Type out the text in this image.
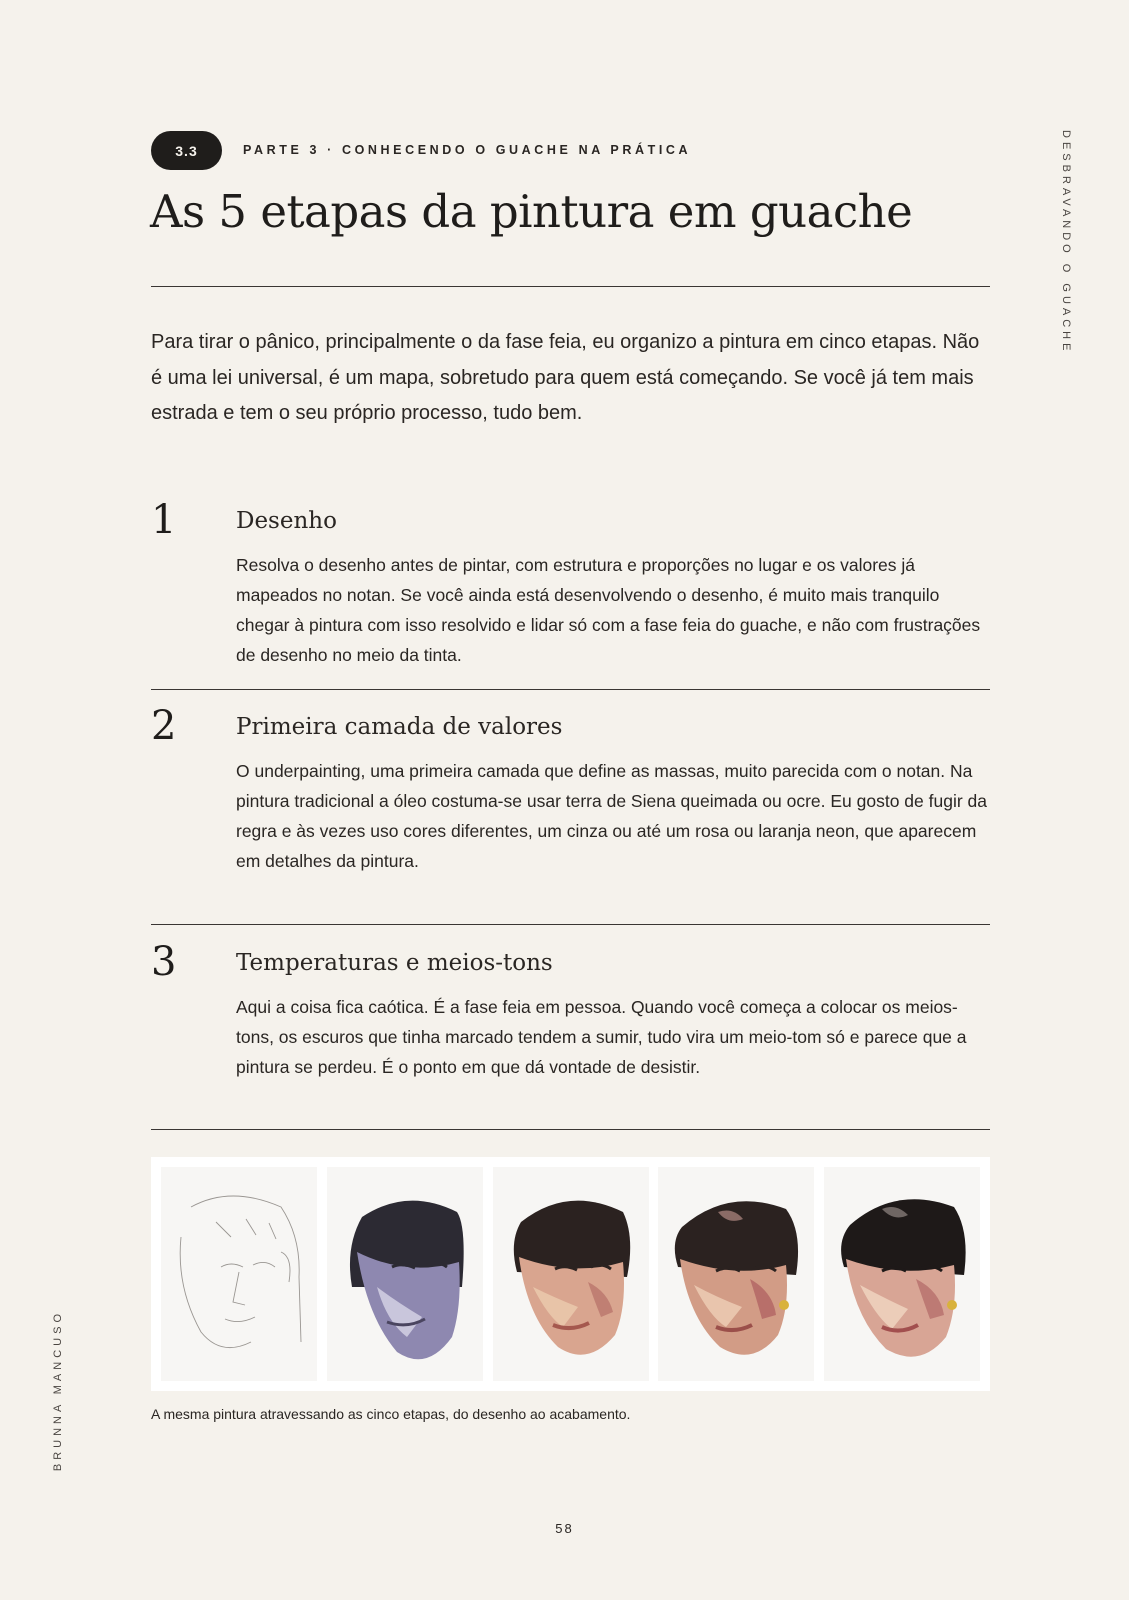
3.3	PARTE 3 · CONHECENDO O GUACHE NA PRÁTICA
As 5 etapas da pintura em guache

Para tirar o pânico, principalmente o da fase feia, eu organizo a pintura em cinco etapas. Não é uma lei universal, é um mapa, sobretudo para quem está começando. Se você já tem mais estrada e tem o seu próprio processo, tudo bem.

1	Desenho

Resolva o desenho antes de pintar, com estrutura e proporções no lugar e os valores já mapeados no notan. Se você ainda está desenvolvendo o desenho, é muito mais tranquilo chegar à pintura com isso resolvido e lidar só com a fase feia do guache, e não com frustrações de desenho no meio da tinta.

2	Primeira camada de valores

O underpainting, uma primeira camada que define as massas, muito parecida com o notan. Na pintura tradicional a óleo costuma-se usar terra de Siena queimada ou ocre. Eu gosto de fugir da regra e às vezes uso cores diferentes, um cinza ou até um rosa ou laranja neon, que aparecem em detalhes da pintura.

3	Temperaturas e meios-tons

Aqui a coisa fica caótica. É a fase feia em pessoa. Quando você começa a colocar os meios-tons, os escuros que tinha marcado tendem a sumir, tudo vira um meio-tom só e parece que a pintura se perdeu. É o ponto em que dá vontade de desistir.

A mesma pintura atravessando as cinco etapas, do desenho ao acabamento.
DESBRAVANDO O GUACHE
BRUNNA MANCUSO
58
